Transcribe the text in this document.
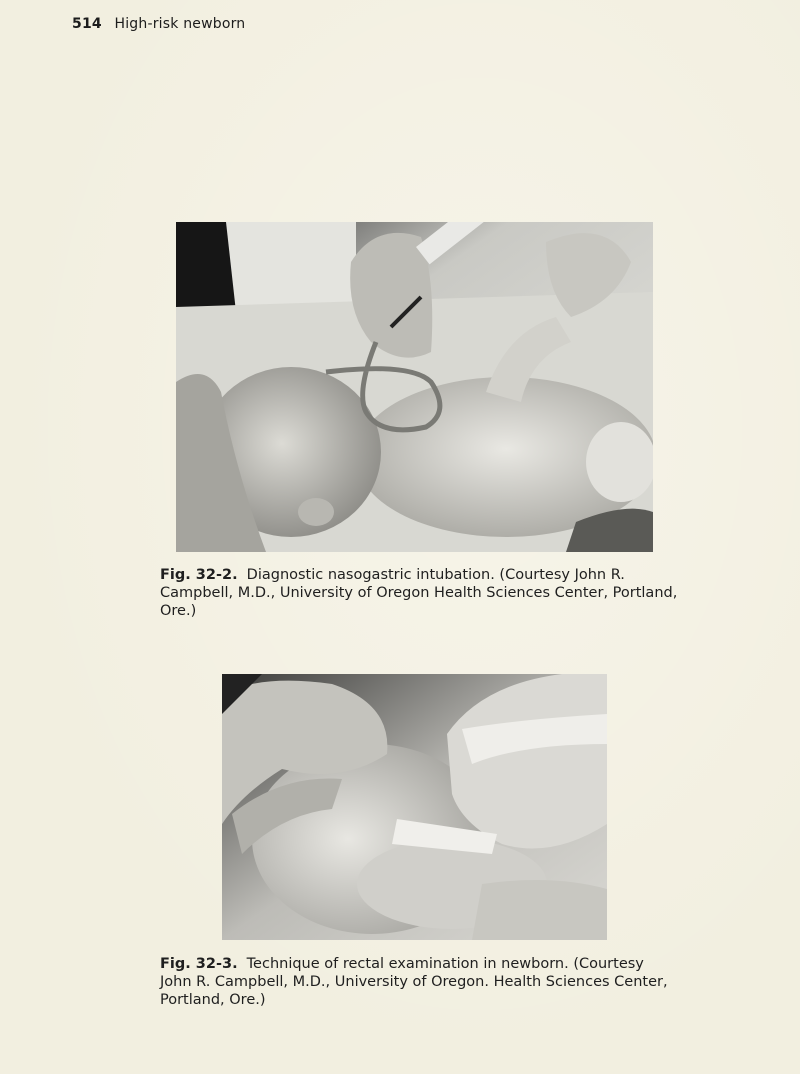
514 High-risk newborn
Fig. 32-2. Diagnostic nasogastric intubation. (Courtesy John R. Campbell, M.D., University of Oregon Health Sciences Center, Portland, Ore.)
Fig. 32-3. Technique of rectal examination in newborn. (Courtesy John R. Campbell, M.D., University of Oregon. Health Sciences Center, Portland, Ore.)
